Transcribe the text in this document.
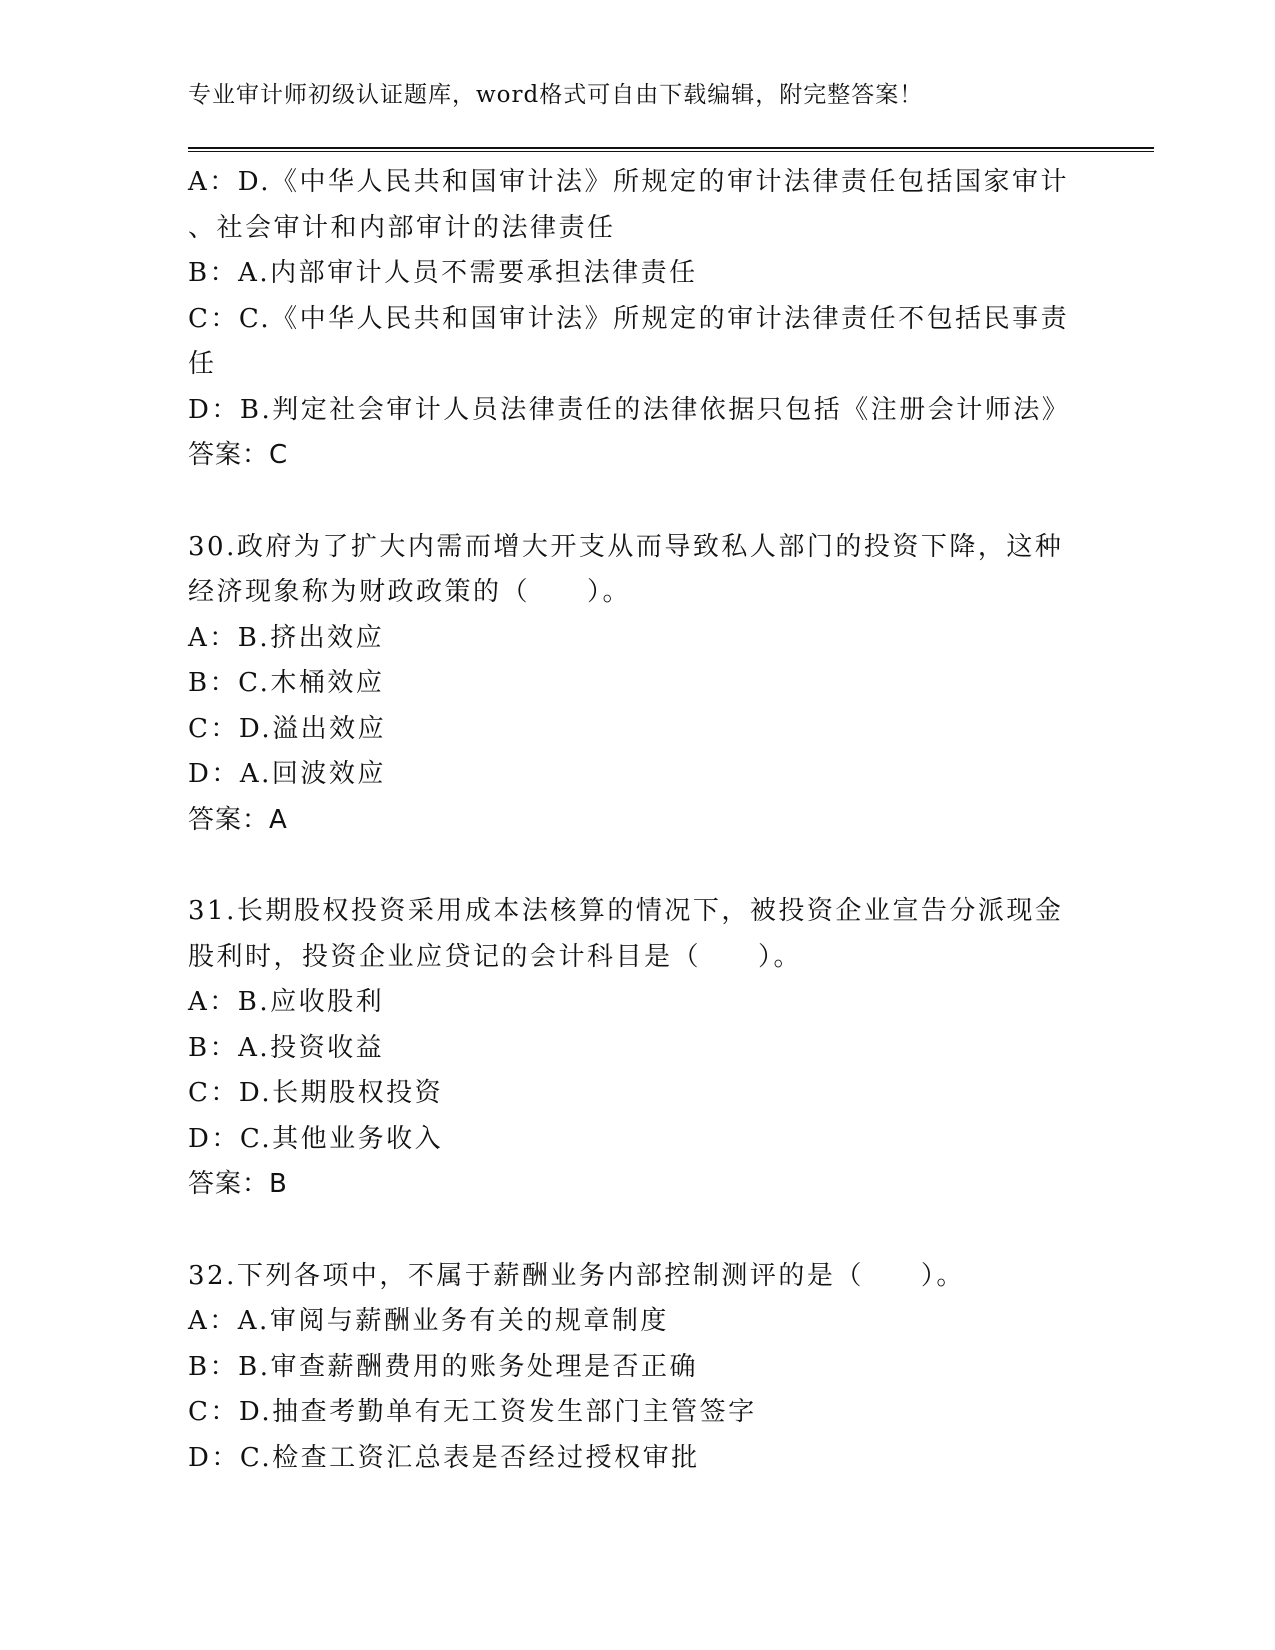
专业审计师初级认证题库，word格式可自由下载编辑，附完整答案！
A：D.《中华人民共和国审计法》所规定的审计法律责任包括国家审计
、社会审计和内部审计的法律责任
B：A.内部审计人员不需要承担法律责任
C：C.《中华人民共和国审计法》所规定的审计法律责任不包括民事责
任
D：B.判定社会审计人员法律责任的法律依据只包括《注册会计师法》
答案：C
30.政府为了扩大内需而增大开支从而导致私人部门的投资下降，这种
经济现象称为财政政策的（　　）。
A：B.挤出效应
B：C.木桶效应
C：D.溢出效应
D：A.回波效应
答案：A
31.长期股权投资采用成本法核算的情况下，被投资企业宣告分派现金
股利时，投资企业应贷记的会计科目是（　　）。
A：B.应收股利
B：A.投资收益
C：D.长期股权投资
D：C.其他业务收入
答案：B
32.下列各项中，不属于薪酬业务内部控制测评的是（　　）。
A：A.审阅与薪酬业务有关的规章制度
B：B.审查薪酬费用的账务处理是否正确
C：D.抽查考勤单有无工资发生部门主管签字
D：C.检查工资汇总表是否经过授权审批
